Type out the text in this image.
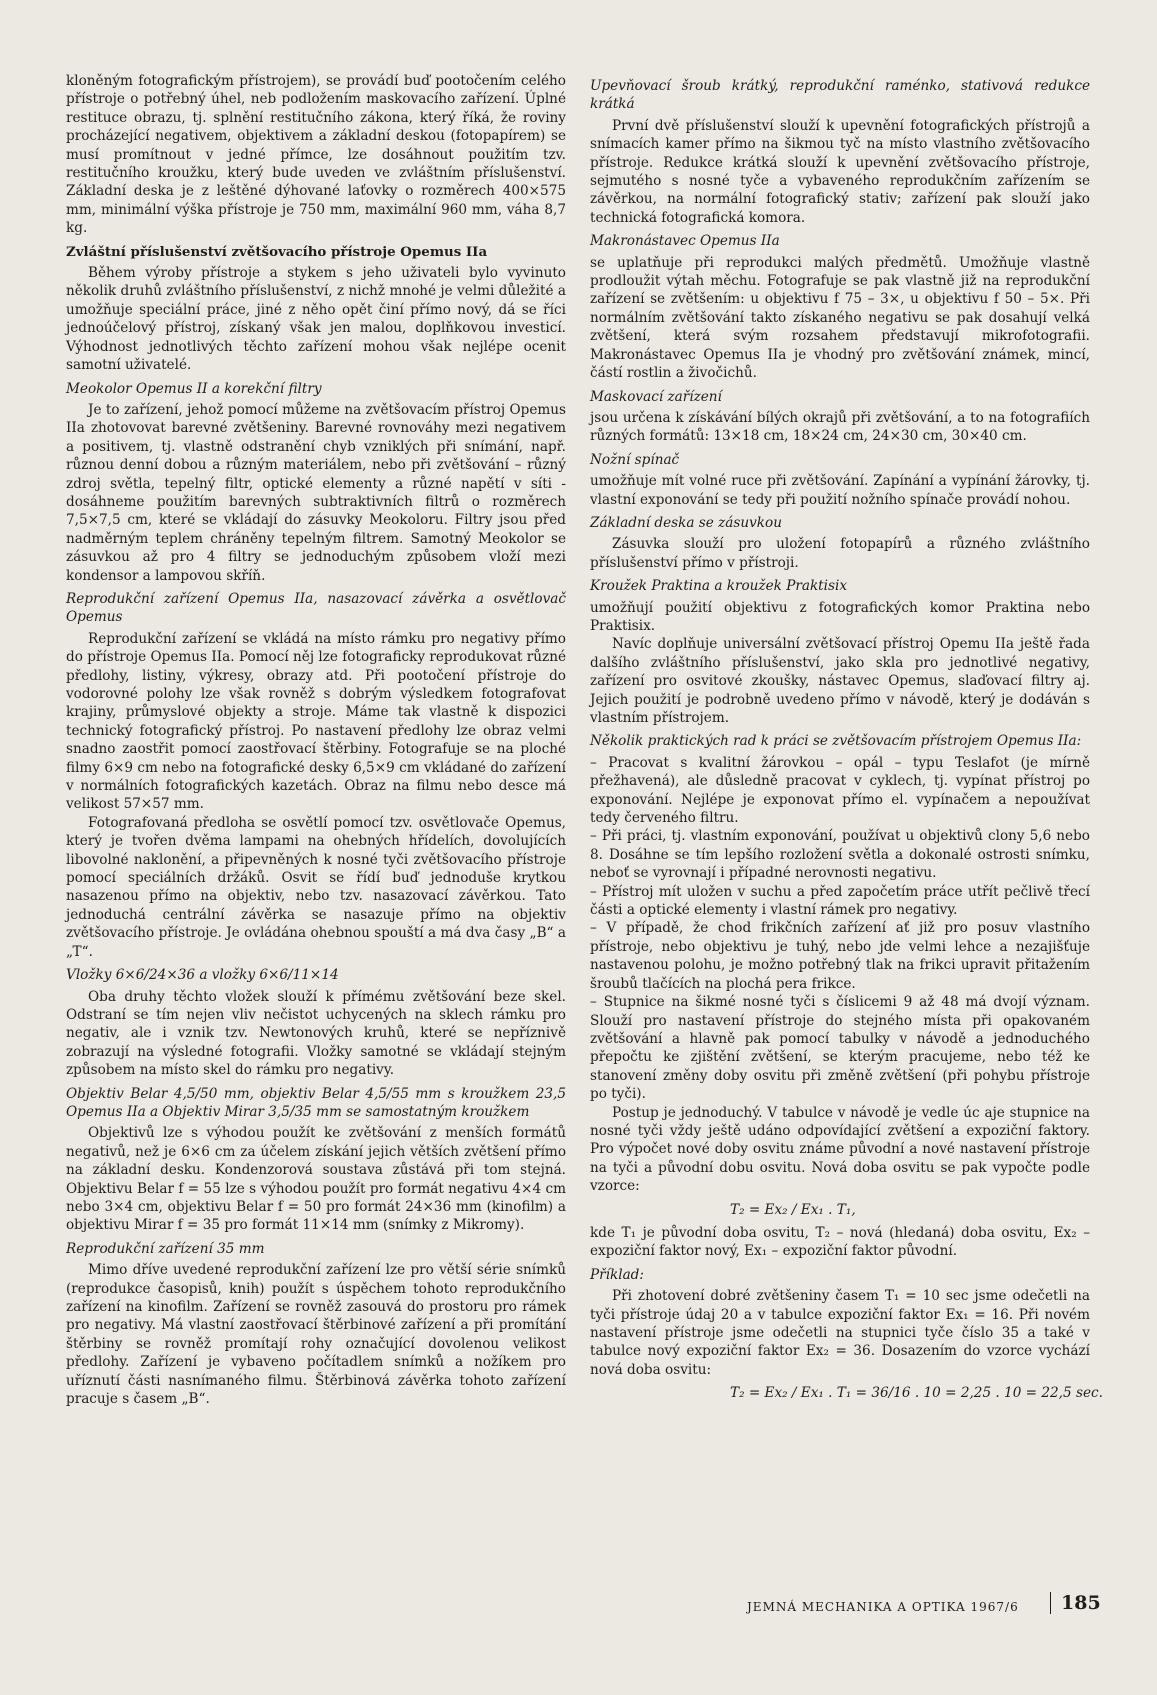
kloněným fotografickým přístrojem), se provádí buď pootočením celého přístroje o potřebný úhel, neb podložením maskovacího zařízení. Úplné restituce obrazu, tj. splnění restitučního zákona, který říká, že roviny procházející negativem, objektivem a základní deskou (fotopapírem) se musí promítnout v jedné přímce, lze dosáhnout použitím tzv. restitučního kroužku, který bude uveden ve zvláštním příslušenství. Základní deska je z leštěné dýhované laťovky o rozměrech 400×575 mm, minimální výška přístroje je 750 mm, maximální 960 mm, váha 8,7 kg.

Zvláštní příslušenství zvětšovacího přístroje Opemus IIa

Během výroby přístroje a stykem s jeho uživateli bylo vyvinuto několik druhů zvláštního příslušenství, z nichž mnohé je velmi důležité a umožňuje speciální práce, jiné z něho opět činí přímo nový, dá se říci jednoúčelový přístroj, získaný však jen malou, doplňkovou investicí. Výhodnost jednotlivých těchto zařízení mohou však nejlépe ocenit samotní uživatelé.

Meokolor Opemus II a korekční filtry

Je to zařízení, jehož pomocí můžeme na zvětšovacím přístroj Opemus IIa zhotovovat barevné zvětšeniny. Barevné rovnováhy mezi negativem a positivem, tj. vlastně odstranění chyb vzniklých při snímání, např. různou denní dobou a různým materiálem, nebo při zvětšování – různý zdroj světla, tepelný filtr, optické elementy a různé napětí v síti - dosáhneme použitím barevných subtraktivních filtrů o rozměrech 7,5×7,5 cm, které se vkládají do zásuvky Meokoloru. Filtry jsou před nadměrným teplem chráněny tepelným filtrem. Samotný Meokolor se zásuvkou až pro 4 filtry se jednoduchým způsobem vloží mezi kondensor a lampovou skříň.

Reprodukční zařízení Opemus IIa, nasazovací závěrka a osvětlovač Opemus

Reprodukční zařízení se vkládá na místo rámku pro negativy přímo do přístroje Opemus IIa. Pomocí něj lze fotograficky reprodukovat různé předlohy, listiny, výkresy, obrazy atd. Při pootočení přístroje do vodorovné polohy lze však rovněž s dobrým výsledkem fotografovat krajiny, průmyslové objekty a stroje. Máme tak vlastně k dispozici technický fotografický přístroj. Po nastavení předlohy lze obraz velmi snadno zaostřit pomocí zaostřovací štěrbiny. Fotografuje se na ploché filmy 6×9 cm nebo na fotografické desky 6,5×9 cm vkládané do zařízení v normálních fotografických kazetách. Obraz na filmu nebo desce má velikost 57×57 mm.

Fotografovaná předloha se osvětlí pomocí tzv. osvětlovače Opemus, který je tvořen dvěma lampami na ohebných hřídelích, dovolujících libovolné naklonění, a připevněných k nosné tyči zvětšovacího přístroje pomocí speciálních držáků. Osvit se řídí buď jednoduše krytkou nasazenou přímo na objektiv, nebo tzv. nasazovací závěrkou. Tato jednoduchá centrální závěrka se nasazuje přímo na objektiv zvětšovacího přístroje. Je ovládána ohebnou spouští a má dva časy „B“ a „T“.

Vložky 6×6/24×36 a vložky 6×6/11×14

Oba druhy těchto vložek slouží k přímému zvětšování beze skel. Odstraní se tím nejen vliv nečistot uchycených na sklech rámku pro negativ, ale i vznik tzv. Newtonových kruhů, které se nepříznivě zobrazují na výsledné fotografii. Vložky samotné se vkládají stejným způsobem na místo skel do rámku pro negativy.

Objektiv Belar 4,5/50 mm, objektiv Belar 4,5/55 mm s kroužkem 23,5 Opemus IIa a Objektiv Mirar 3,5/35 mm se samostatným kroužkem

Objektivů lze s výhodou použít ke zvětšování z menších formátů negativů, než je 6×6 cm za účelem získání jejich větších zvětšení přímo na základní desku. Kondenzorová soustava zůstává při tom stejná. Objektivu Belar f = 55 lze s výhodou použít pro formát negativu 4×4 cm nebo 3×4 cm, objektivu Belar f = 50 pro formát 24×36 mm (kinofilm) a objektivu Mirar f = 35 pro formát 11×14 mm (snímky z Mikromy).

Reprodukční zařízení 35 mm

Mimo dříve uvedené reprodukční zařízení lze pro větší série snímků (reprodukce časopisů, knih) použít s úspěchem tohoto reprodukčního zařízení na kinofilm. Zařízení se rovněž zasouvá do prostoru pro rámek pro negativy. Má vlastní zaostřovací štěrbinové zařízení a při promítání štěrbiny se rovněž promítají rohy označující dovolenou velikost předlohy. Zařízení je vybaveno počítadlem snímků a nožíkem pro uříznutí části nasnímaného filmu. Štěrbinová závěrka tohoto zařízení pracuje s časem „B“.

Upevňovací šroub krátký, reprodukční raménko, stativová redukce krátká

První dvě příslušenství slouží k upevnění fotografických přístrojů a snímacích kamer přímo na šikmou tyč na místo vlastního zvětšovacího přístroje. Redukce krátká slouží k upevnění zvětšovacího přístroje, sejmutého s nosné tyče a vybaveného reprodukčním zařízením se závěrkou, na normální fotografický stativ; zařízení pak slouží jako technická fotografická komora.

Makronástavec Opemus IIa

se uplatňuje při reprodukci malých předmětů. Umožňuje vlastně prodloužit výtah měchu. Fotografuje se pak vlastně již na reprodukční zařízení se zvětšením: u objektivu f 75 – 3×, u objektivu f 50 – 5×. Při normálním zvětšování takto získaného negativu se pak dosahují velká zvětšení, která svým rozsahem představují mikrofotografii. Makronástavec Opemus IIa je vhodný pro zvětšování známek, mincí, částí rostlin a živočichů.

Maskovací zařízení

jsou určena k získávání bílých okrajů při zvětšování, a to na fotografiích různých formátů: 13×18 cm, 18×24 cm, 24×30 cm, 30×40 cm.

Nožní spínač

umožňuje mít volné ruce při zvětšování. Zapínání a vypínání žárovky, tj. vlastní exponování se tedy při použití nožního spínače provádí nohou.

Základní deska se zásuvkou

Zásuvka slouží pro uložení fotopapírů a různého zvláštního příslušenství přímo v přístroji.

Kroužek Praktina a kroužek Praktisix

umožňují použití objektivu z fotografických komor Praktina nebo Praktisix.

Navíc doplňuje universální zvětšovací přístroj Opemu IIa ještě řada dalšího zvláštního příslušenství, jako skla pro jednotlivé negativy, zařízení pro osvitové zkoušky, nástavec Opemus, slaďovací filtry aj. Jejich použití je podrobně uvedeno přímo v návodě, který je dodáván s vlastním přístrojem.

Několik praktických rad k práci se zvětšovacím přístrojem Opemus IIa:

– Pracovat s kvalitní žárovkou – opál – typu Teslafot (je mírně přežhavená), ale důsledně pracovat v cyklech, tj. vypínat přístroj po exponování. Nejlépe je exponovat přímo el. vypínačem a nepoužívat tedy červeného filtru.

– Při práci, tj. vlastním exponování, používat u objektivů clony 5,6 nebo 8. Dosáhne se tím lepšího rozložení světla a dokonalé ostrosti snímku, neboť se vyrovnají i případné nerovnosti negativu.

– Přístroj mít uložen v suchu a před započetím práce utřít pečlivě třecí části a optické elementy i vlastní rámek pro negativy.

– V případě, že chod frikčních zařízení ať již pro posuv vlastního přístroje, nebo objektivu je tuhý, nebo jde velmi lehce a nezajišťuje nastavenou polohu, je možno potřebný tlak na frikci upravit přitažením šroubů tlačících na plochá pera frikce.

– Stupnice na šikmé nosné tyči s číslicemi 9 až 48 má dvojí význam. Slouží pro nastavení přístroje do stejného místa při opakovaném zvětšování a hlavně pak pomocí tabulky v návodě a jednoduchého přepočtu ke zjištění zvětšení, se kterým pracujeme, nebo též ke stanovení změny doby osvitu při změně zvětšení (při pohybu přístroje po tyči).

Postup je jednoduchý. V tabulce v návodě je vedle úc aje stupnice na nosné tyči vždy ještě udáno odpovídající zvětšení a expoziční faktory. Pro výpočet nové doby osvitu známe původní a nové nastavení přístroje na tyči a původní dobu osvitu. Nová doba osvitu se pak vypočte podle vzorce:

T₂ = Ex₂ / Ex₁ . T₁,

kde T₁ je původní doba osvitu, T₂ – nová (hledaná) doba osvitu, Ex₂ – expoziční faktor nový, Ex₁ – expoziční faktor původní.

Příklad:

Při zhotovení dobré zvětšeniny časem T₁ = 10 sec jsme odečetli na tyči přístroje údaj 20 a v tabulce expoziční faktor Ex₁ = 16. Při novém nastavení přístroje jsme odečetli na stupnici tyče číslo 35 a také v tabulce nový expoziční faktor Ex₂ = 36. Dosazením do vzorce vychází nová doba osvitu:

T₂ = Ex₂ / Ex₁ . T₁ = 36/16 . 10 = 2,25 . 10 = 22,5 sec.
JEMNÁ MECHANIKA A OPTIKA 1967/6	185
